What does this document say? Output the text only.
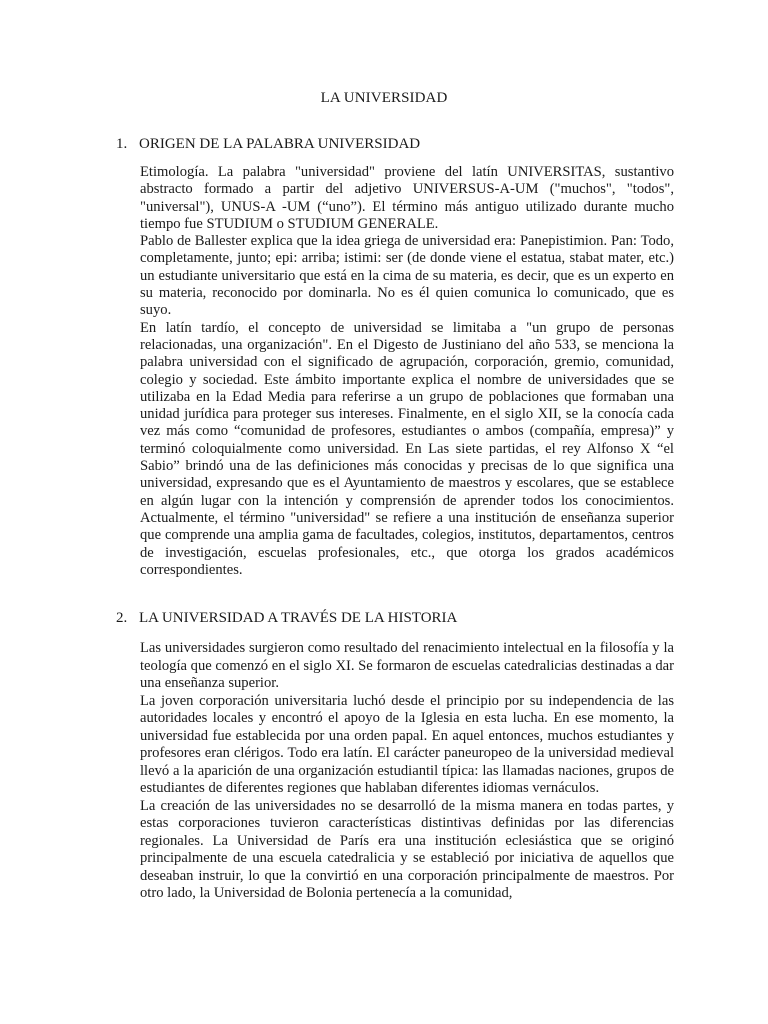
LA UNIVERSIDAD
1. ORIGEN DE LA PALABRA UNIVERSIDAD

Etimología. La palabra "universidad" proviene del latín UNIVERSITAS, sustantivo abstracto formado a partir del adjetivo UNIVERSUS-A-UM ("muchos", "todos", "universal"), UNUS-A -UM (“uno”). El término más antiguo utilizado durante mucho tiempo fue STUDIUM o STUDIUM GENERALE.

Pablo de Ballester explica que la idea griega de universidad era: Panepistimion. Pan: Todo, completamente, junto; epi: arriba; istimi: ser (de donde viene el estatua, stabat mater, etc.) un estudiante universitario que está en la cima de su materia, es decir, que es un experto en su materia, reconocido por dominarla. No es él quien comunica lo comunicado, que es suyo.

En latín tardío, el concepto de universidad se limitaba a "un grupo de personas relacionadas, una organización". En el Digesto de Justiniano del año 533, se menciona la palabra universidad con el significado de agrupación, corporación, gremio, comunidad, colegio y sociedad. Este ámbito importante explica el nombre de universidades que se utilizaba en la Edad Media para referirse a un grupo de poblaciones que formaban una unidad jurídica para proteger sus intereses. Finalmente, en el siglo XII, se la conocía cada vez más como “comunidad de profesores, estudiantes o ambos (compañía, empresa)” y terminó coloquialmente como universidad. En Las siete partidas, el rey Alfonso X “el Sabio” brindó una de las definiciones más conocidas y precisas de lo que significa una universidad, expresando que es el Ayuntamiento de maestros y escolares, que se establece en algún lugar con la intención y comprensión de aprender todos los conocimientos. Actualmente, el término "universidad" se refiere a una institución de enseñanza superior que comprende una amplia gama de facultades, colegios, institutos, departamentos, centros de investigación, escuelas profesionales, etc., que otorga los grados académicos correspondientes.

2. LA UNIVERSIDAD A TRAVÉS DE LA HISTORIA

Las universidades surgieron como resultado del renacimiento intelectual en la filosofía y la teología que comenzó en el siglo XI. Se formaron de escuelas catedralicias destinadas a dar una enseñanza superior.

La joven corporación universitaria luchó desde el principio por su independencia de las autoridades locales y encontró el apoyo de la Iglesia en esta lucha. En ese momento, la universidad fue establecida por una orden papal. En aquel entonces, muchos estudiantes y profesores eran clérigos. Todo era latín. El carácter paneuropeo de la universidad medieval llevó a la aparición de una organización estudiantil típica: las llamadas naciones, grupos de estudiantes de diferentes regiones que hablaban diferentes idiomas vernáculos.

La creación de las universidades no se desarrolló de la misma manera en todas partes, y estas corporaciones tuvieron características distintivas definidas por las diferencias regionales. La Universidad de París era una institución eclesiástica que se originó principalmente de una escuela catedralicia y se estableció por iniciativa de aquellos que deseaban instruir, lo que la convirtió en una corporación principalmente de maestros. Por otro lado, la Universidad de Bolonia pertenecía a la comunidad,
